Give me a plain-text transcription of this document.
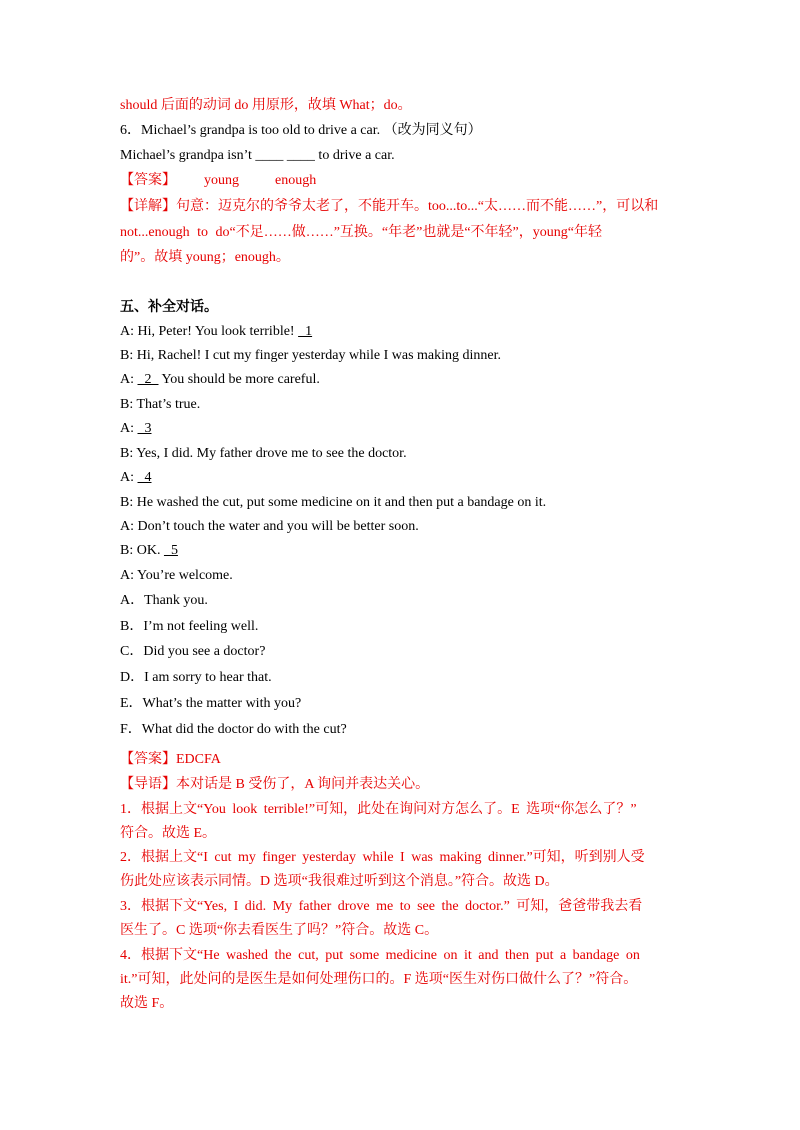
should 后面的动词 do 用原形，故填 What；do。
6．Michael’s grandpa is too old to drive a car. （改为同义句）
Michael’s grandpa isn’t ____ ____ to drive a car.
【答案】 young	enough
【详解】句意：迈克尔的爷爷太老了，不能开车。too...to...“太……而不能……”，可以和
not...enough to do“不足……做……”互换。“年老”也就是“不年轻”，young“年轻
的”。故填 young；enough。
五、补全对话。
A: Hi, Peter! You look terrible!   1
B: Hi, Rachel! I cut my finger yesterday while I was making dinner.
A:   2   You should be more careful.
B: That’s true.
A:   3
B: Yes, I did. My father drove me to see the doctor.
A:   4
B: He washed the cut, put some medicine on it and then put a bandage on it.
A: Don’t touch the water and you will be better soon.
B: OK.   5
A: You’re welcome.
A．Thank you.
B．I’m not feeling well.
C．Did you see a doctor?
D．I am sorry to hear that.
E．What’s the matter with you?
F．What did the doctor do with the cut?
【答案】EDCFA
【导语】本对话是 B 受伤了，A 询问并表达关心。
1．根据上文“You look terrible!”可知，此处在询问对方怎么了。E 选项“你怎么了？”
符合。故选 E。
2．根据上文“I cut my finger yesterday while I was making dinner.”可知，听到别人受
伤此处应该表示同情。D 选项“我很难过听到这个消息。”符合。故选 D。
3．根据下文“Yes, I did. My father drove me to see the doctor.” 可知，爸爸带我去看
医生了。C 选项“你去看医生了吗？”符合。故选 C。
4．根据下文“He washed the cut, put some medicine on it and then put a bandage on
it.”可知，此处问的是医生是如何处理伤口的。F 选项“医生对伤口做什么了？”符合。
故选 F。
